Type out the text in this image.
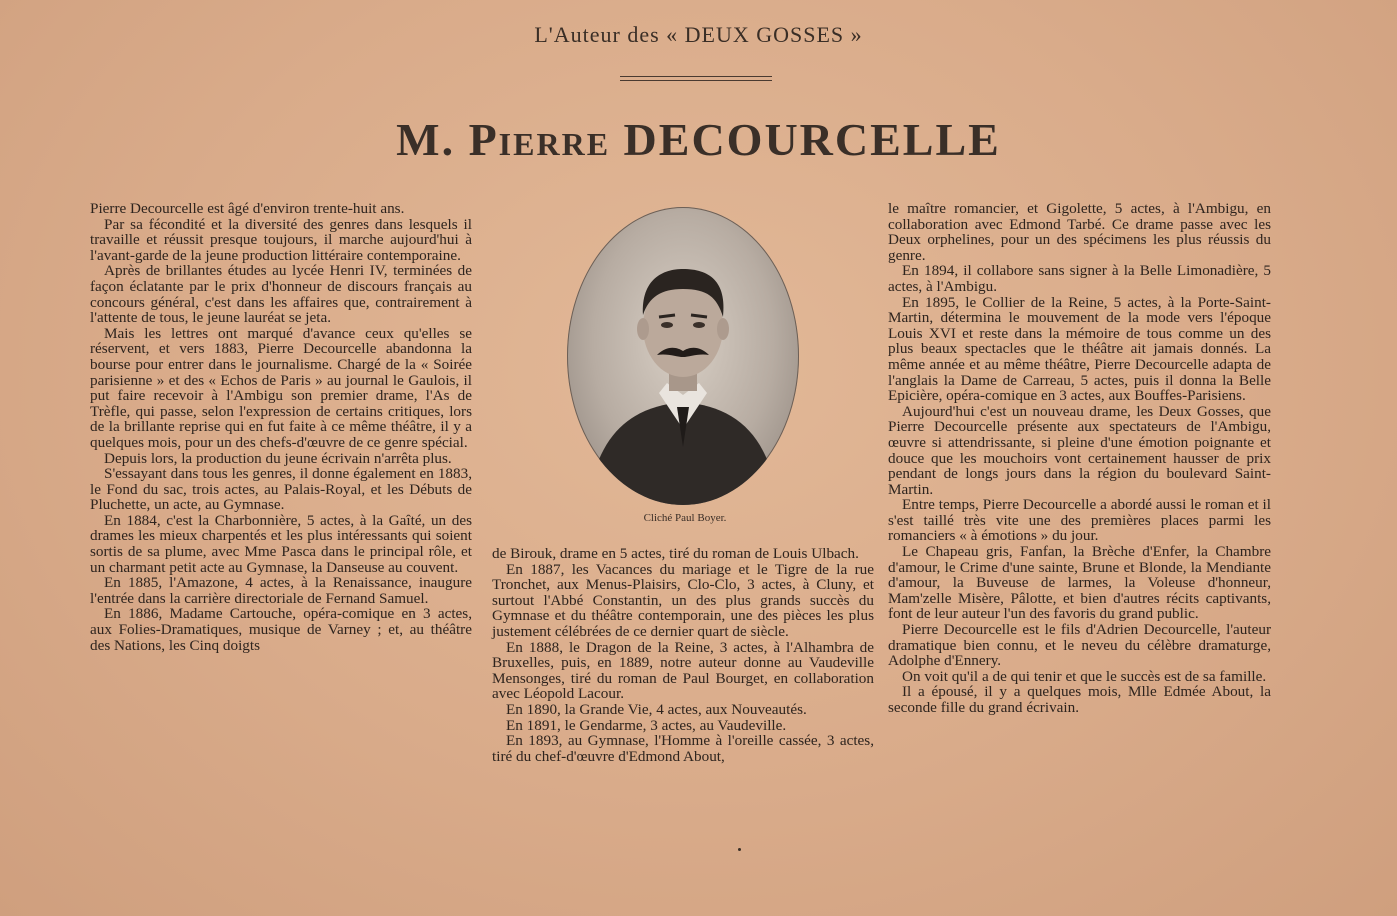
L'Auteur des « DEUX GOSSES »
M. Pierre DECOURCELLE

Pierre Decourcelle est âgé d'environ trente-huit ans.

Par sa fécondité et la diversité des genres dans lesquels il travaille et réussit presque toujours, il marche aujourd'hui à l'avant-garde de la jeune production littéraire contemporaine.

Après de brillantes études au lycée Henri IV, terminées de façon éclatante par le prix d'honneur de discours français au concours général, c'est dans les affaires que, contrairement à l'attente de tous, le jeune lauréat se jeta.

Mais les lettres ont marqué d'avance ceux qu'elles se réservent, et vers 1883, Pierre Decourcelle abandonna la bourse pour entrer dans le journalisme. Chargé de la « Soirée parisienne » et des « Echos de Paris » au journal le Gaulois, il put faire recevoir à l'Ambigu son premier drame, l'As de Trèfle, qui passe, selon l'expression de certains critiques, lors de la brillante reprise qui en fut faite à ce même théâtre, il y a quelques mois, pour un des chefs-d'œuvre de ce genre spécial.

Depuis lors, la production du jeune écrivain n'arrêta plus.

S'essayant dans tous les genres, il donne également en 1883, le Fond du sac, trois actes, au Palais-Royal, et les Débuts de Pluchette, un acte, au Gymnase.

En 1884, c'est la Charbonnière, 5 actes, à la Gaîté, un des drames les mieux charpentés et les plus intéressants qui soient sortis de sa plume, avec Mme Pasca dans le principal rôle, et un charmant petit acte au Gymnase, la Danseuse au couvent.

En 1885, l'Amazone, 4 actes, à la Renaissance, inaugure l'entrée dans la carrière directoriale de Fernand Samuel.

En 1886, Madame Cartouche, opéra-comique en 3 actes, aux Folies-Dramatiques, musique de Varney ; et, au théâtre des Nations, les Cinq doigts

Cliché Paul Boyer.

de Birouk, drame en 5 actes, tiré du roman de Louis Ulbach.

En 1887, les Vacances du mariage et le Tigre de la rue Tronchet, aux Menus-Plaisirs, Clo-Clo, 3 actes, à Cluny, et surtout l'Abbé Constantin, un des plus grands succès du Gymnase et du théâtre contemporain, une des pièces les plus justement célébrées de ce dernier quart de siècle.

En 1888, le Dragon de la Reine, 3 actes, à l'Alhambra de Bruxelles, puis, en 1889, notre auteur donne au Vaudeville Mensonges, tiré du roman de Paul Bourget, en collaboration avec Léopold Lacour.

En 1890, la Grande Vie, 4 actes, aux Nouveautés.

En 1891, le Gendarme, 3 actes, au Vaudeville.

En 1893, au Gymnase, l'Homme à l'oreille cassée, 3 actes, tiré du chef-d'œuvre d'Edmond About,

le maître romancier, et Gigolette, 5 actes, à l'Ambigu, en collaboration avec Edmond Tarbé. Ce drame passe avec les Deux orphelines, pour un des spécimens les plus réussis du genre.

En 1894, il collabore sans signer à la Belle Limonadière, 5 actes, à l'Ambigu.

En 1895, le Collier de la Reine, 5 actes, à la Porte-Saint-Martin, détermina le mouvement de la mode vers l'époque Louis XVI et reste dans la mémoire de tous comme un des plus beaux spectacles que le théâtre ait jamais donnés. La même année et au même théâtre, Pierre Decourcelle adapta de l'anglais la Dame de Carreau, 5 actes, puis il donna la Belle Epicière, opéra-comique en 3 actes, aux Bouffes-Parisiens.

Aujourd'hui c'est un nouveau drame, les Deux Gosses, que Pierre Decourcelle présente aux spectateurs de l'Ambigu, œuvre si attendrissante, si pleine d'une émotion poignante et douce que les mouchoirs vont certainement hausser de prix pendant de longs jours dans la région du boulevard Saint-Martin.

Entre temps, Pierre Decourcelle a abordé aussi le roman et il s'est taillé très vite une des premières places parmi les romanciers « à émotions » du jour.

Le Chapeau gris, Fanfan, la Brèche d'Enfer, la Chambre d'amour, le Crime d'une sainte, Brune et Blonde, la Mendiante d'amour, la Buveuse de larmes, la Voleuse d'honneur, Mam'zelle Misère, Pâlotte, et bien d'autres récits captivants, font de leur auteur l'un des favoris du grand public.

Pierre Decourcelle est le fils d'Adrien Decourcelle, l'auteur dramatique bien connu, et le neveu du célèbre dramaturge, Adolphe d'Ennery.

On voit qu'il a de qui tenir et que le succès est de sa famille.

Il a épousé, il y a quelques mois, Mlle Edmée About, la seconde fille du grand écrivain.
